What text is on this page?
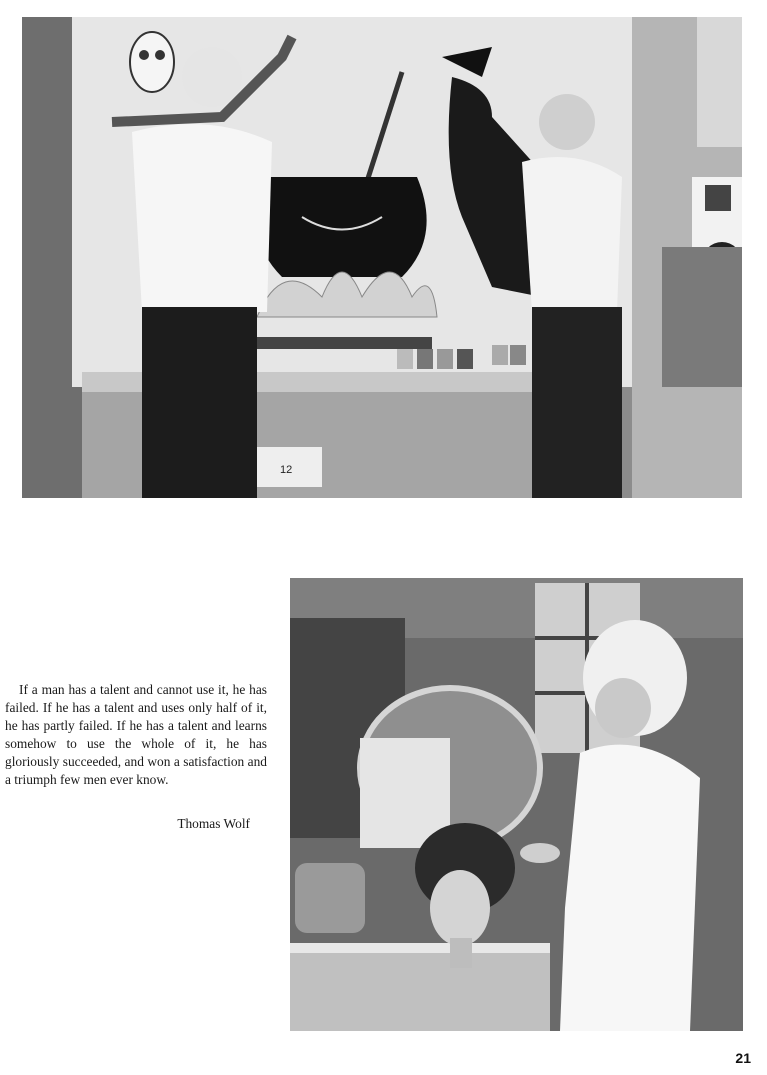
12

If a man has a talent and cannot use it, he has failed. If he has a talent and uses only half of it, he has partly failed. If he has a talent and learns somehow to use the whole of it, he has gloriously succeeded, and won a satisfaction and a triumph few men ever know.

Thomas Wolf
21
